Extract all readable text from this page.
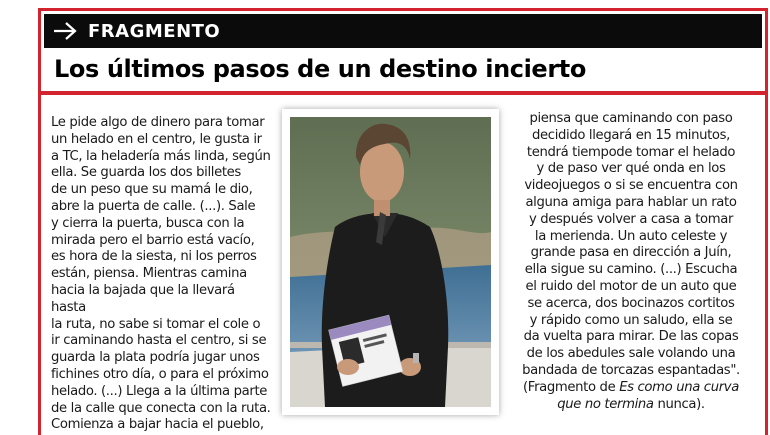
FRAGMENTO
Los últimos pasos de un destino incierto

Le pide algo de dinero para tomar
un helado en el centro, le gusta ir
a TC, la heladería más linda, según
ella. Se guarda los dos billetes
de un peso que su mamá le dio,
abre la puerta de calle. (...). Sale
y cierra la puerta, busca con la
mirada pero el barrio está vacío,
es hora de la siesta, ni los perros
están, piensa. Mientras camina
hacia la bajada que la llevará hasta
la ruta, no sabe si tomar el cole o
ir caminando hasta el centro, si se
guarda la plata podría jugar unos
fichines otro día, o para el próximo
helado. (...) Llega a la última parte
de la calle que conecta con la ruta.
Comienza a bajar hacia el pueblo,

piensa que caminando con paso
decidido llegará en 15 minutos,
tendrá tiempode tomar el helado
y de paso ver qué onda en los
videojuegos o si se encuentra con
alguna amiga para hablar un rato
y después volver a casa a tomar
la merienda. Un auto celeste y
grande pasa en dirección a Juín,
ella sigue su camino. (...) Escucha
el ruido del motor de un auto que
se acerca, dos bocinazos cortitos
y rápido como un saludo, ella se
da vuelta para mirar. De las copas
de los abedules sale volando una
bandada de torcazas espantadas".

(Fragmento de Es como una curva que no termina nunca).
